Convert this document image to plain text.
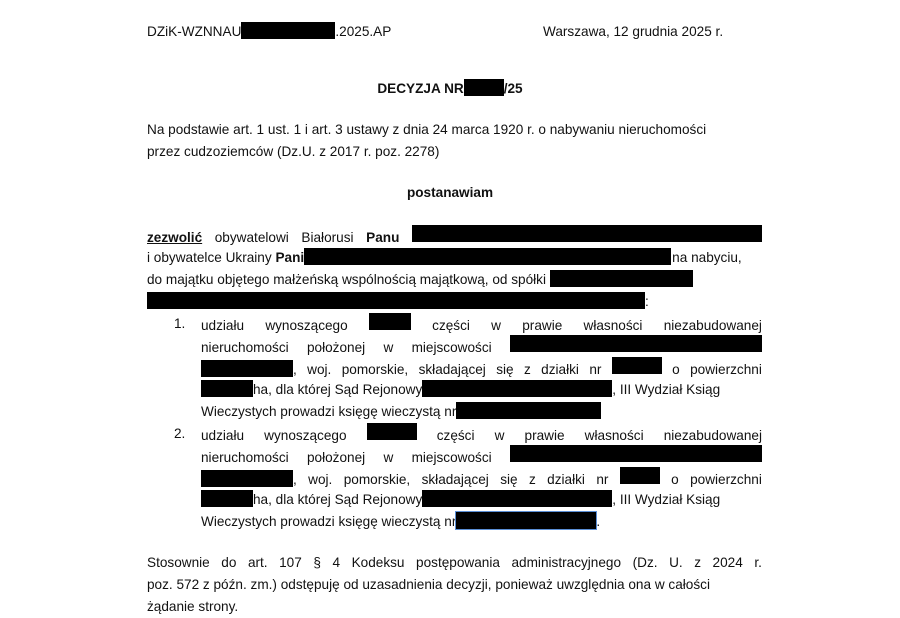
DZiK-WZNNAU	.2025.AP	Warszawa, 12 grudnia 2025 r.
DECYZJA NR	/25
Na podstawie art. 1 ust. 1 i art. 3 ustawy z dnia 24 marca 1920 r. o nabywaniu nieruchomości
przez cudzoziemców (Dz.U. z 2017 r. poz. 2278)
postanawiam
zezwolić obywatelowi Białorusi Panu
i obywatelce Ukrainy Pani	na nabyciu,
do majątku objętego małżeńską wspólnością majątkową, od spółki
:
1. udziału wynoszącego	części w prawie własności niezabudowanej
nieruchomości położonej w miejscowości
, woj. pomorskie, składającej się z działki nr	o powierzchni
ha, dla której Sąd Rejonowy	, III Wydział Ksiąg
Wieczystych prowadzi księgę wieczystą nr
2. udziału wynoszącego	części w prawie własności niezabudowanej
nieruchomości położonej w miejscowości
, woj. pomorskie, składającej się z działki nr	o powierzchni
ha, dla której Sąd Rejonowy	, III Wydział Ksiąg
Wieczystych prowadzi księgę wieczystą nr	.
Stosownie do art. 107 § 4 Kodeksu postępowania administracyjnego (Dz. U. z 2024 r.
poz. 572 z późn. zm.) odstępuję od uzasadnienia decyzji, ponieważ uwzględnia ona w całości
żądanie strony.
